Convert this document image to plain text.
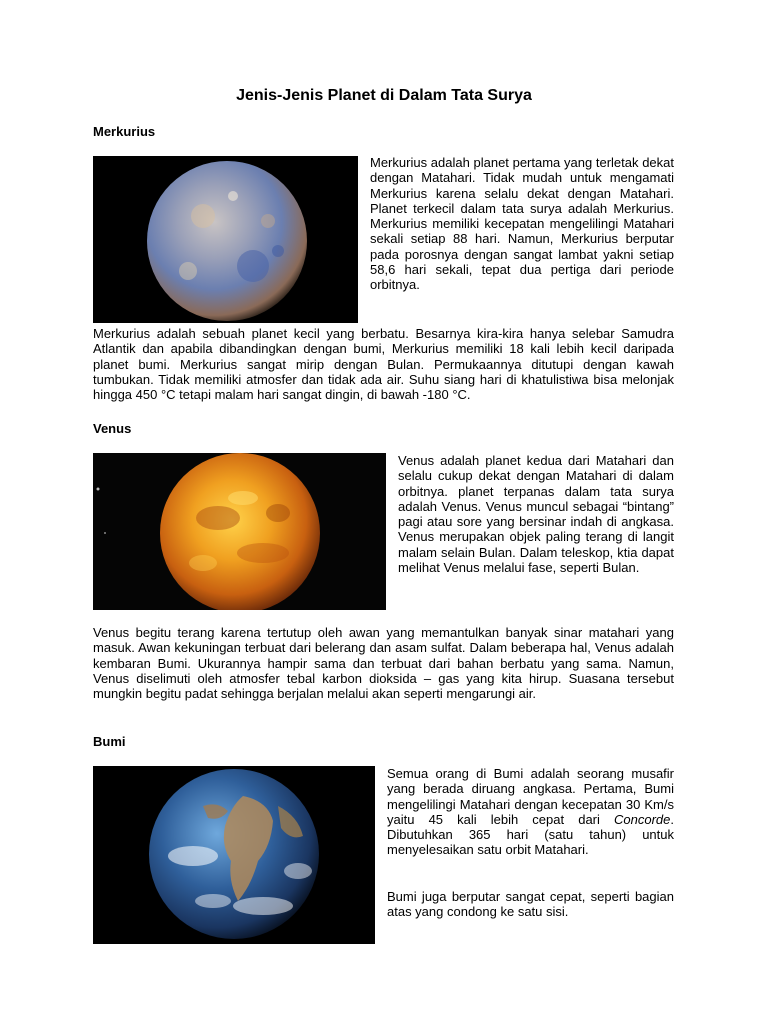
Jenis-Jenis Planet di Dalam Tata Surya
Merkurius

Merkurius adalah planet pertama yang terletak dekat dengan Matahari. Tidak mudah untuk mengamati Merkurius karena selalu dekat dengan Matahari. Planet terkecil dalam tata surya adalah Merkurius. Merkurius memiliki kecepatan mengelilingi Matahari sekali setiap 88 hari. Namun, Merkurius berputar pada porosnya dengan sangat lambat yakni setiap 58,6 hari sekali, tepat dua pertiga dari periode orbitnya.

Merkurius adalah sebuah planet kecil yang berbatu. Besarnya kira-kira hanya selebar Samudra Atlantik dan apabila dibandingkan dengan bumi, Merkurius memiliki 18 kali lebih kecil daripada planet bumi. Merkurius sangat mirip dengan Bulan. Permukaannya ditutupi dengan kawah tumbukan. Tidak memiliki atmosfer dan tidak ada air. Suhu siang hari di khatulistiwa bisa melonjak hingga 450 °C tetapi malam hari sangat dingin, di bawah -180 °C.

Venus

Venus adalah planet kedua dari Matahari dan selalu cukup dekat dengan Matahari di dalam orbitnya. planet terpanas dalam tata surya adalah Venus. Venus muncul sebagai “bintang” pagi atau sore yang bersinar indah di angkasa. Venus merupakan objek paling terang di langit malam selain Bulan. Dalam teleskop, ktia dapat melihat Venus melalui fase, seperti Bulan.

Venus begitu terang karena tertutup oleh awan yang memantulkan banyak sinar matahari yang masuk. Awan kekuningan terbuat dari belerang dan asam sulfat. Dalam beberapa hal, Venus adalah kembaran Bumi. Ukurannya hampir sama dan terbuat dari bahan berbatu yang sama. Namun, Venus diselimuti oleh atmosfer tebal karbon dioksida – gas yang kita hirup. Suasana tersebut mungkin begitu padat sehingga berjalan melalui akan seperti mengarungi air.

Bumi

Semua orang di Bumi adalah seorang musafir yang berada diruang angkasa. Pertama, Bumi mengelilingi Matahari dengan kecepatan 30 Km/s yaitu 45 kali lebih cepat dari Concorde. Dibutuhkan 365 hari (satu tahun) untuk menyelesaikan satu orbit Matahari.

Bumi juga berputar sangat cepat, seperti bagian atas yang condong ke satu sisi.
